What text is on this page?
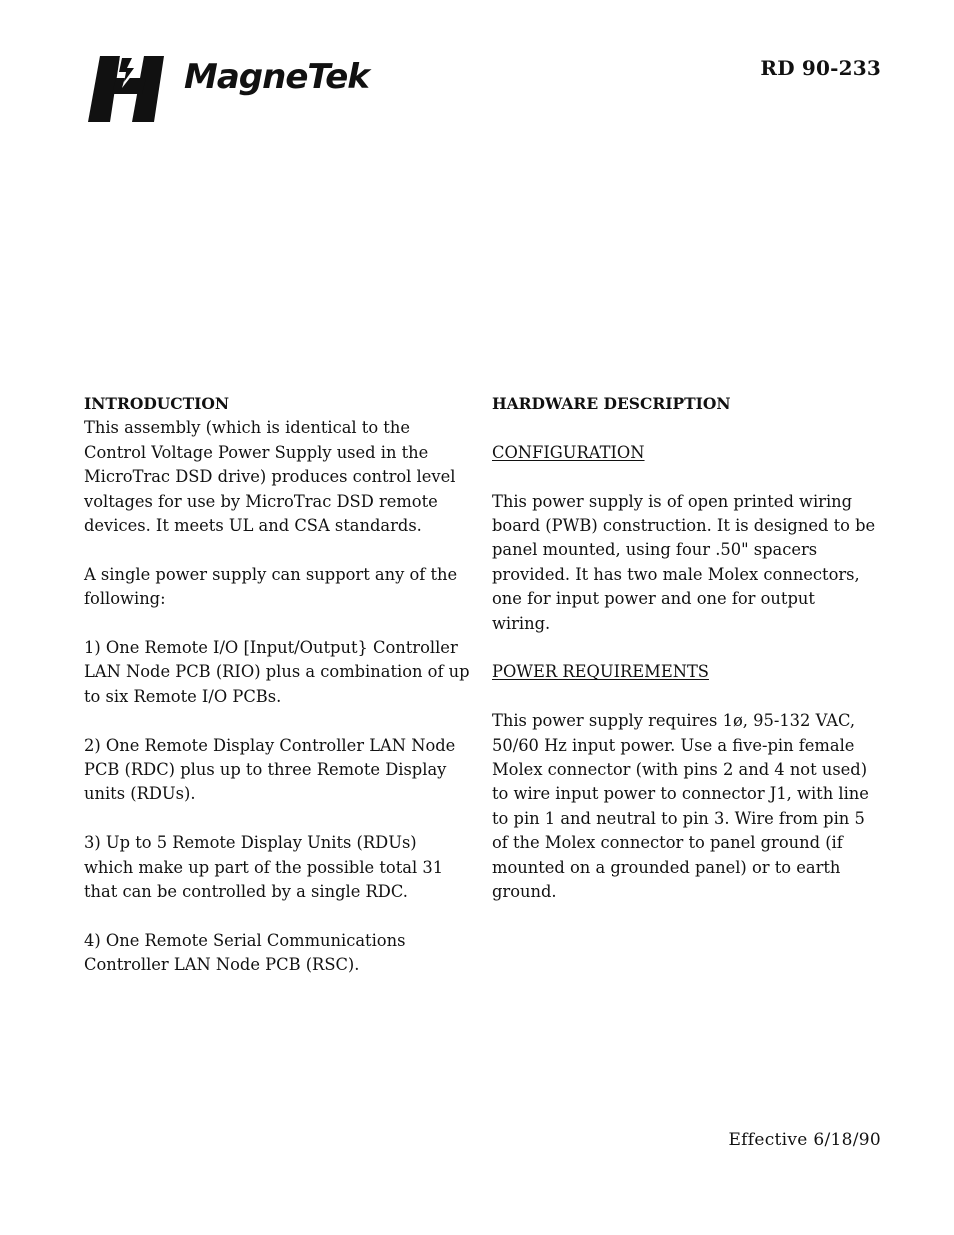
MagneTek	RD 90-233
INTRODUCTION
This assembly (which is identical to the
Control Voltage Power Supply used in the
MicroTrac DSD drive) produces control level
voltages for use by MicroTrac DSD remote
devices. It meets UL and CSA standards.
A single power supply can support any of the
following:
1) One Remote I/O [Input/Output} Controller
LAN Node PCB (RIO) plus a combination of up
to six Remote I/O PCBs.
2) One Remote Display Controller LAN Node
PCB (RDC) plus up to three Remote Display
units (RDUs).
3) Up to 5 Remote Display Units (RDUs)
which make up part of the possible total 31
that can be controlled by a single RDC.
4) One Remote Serial Communications
Controller LAN Node PCB (RSC).
HARDWARE DESCRIPTION
CONFIGURATION
This power supply is of open printed wiring
board (PWB) construction. It is designed to be
panel mounted, using four .50" spacers
provided. It has two male Molex connectors,
one for input power and one for output
wiring.
POWER REQUIREMENTS
This power supply requires 1ø, 95-132 VAC,
50/60 Hz input power. Use a five-pin female
Molex connector (with pins 2 and 4 not used)
to wire input power to connector J1, with line
to pin 1 and neutral to pin 3. Wire from pin 5
of the Molex connector to panel ground (if
mounted on a grounded panel) or to earth
ground.
Effective 6/18/90
